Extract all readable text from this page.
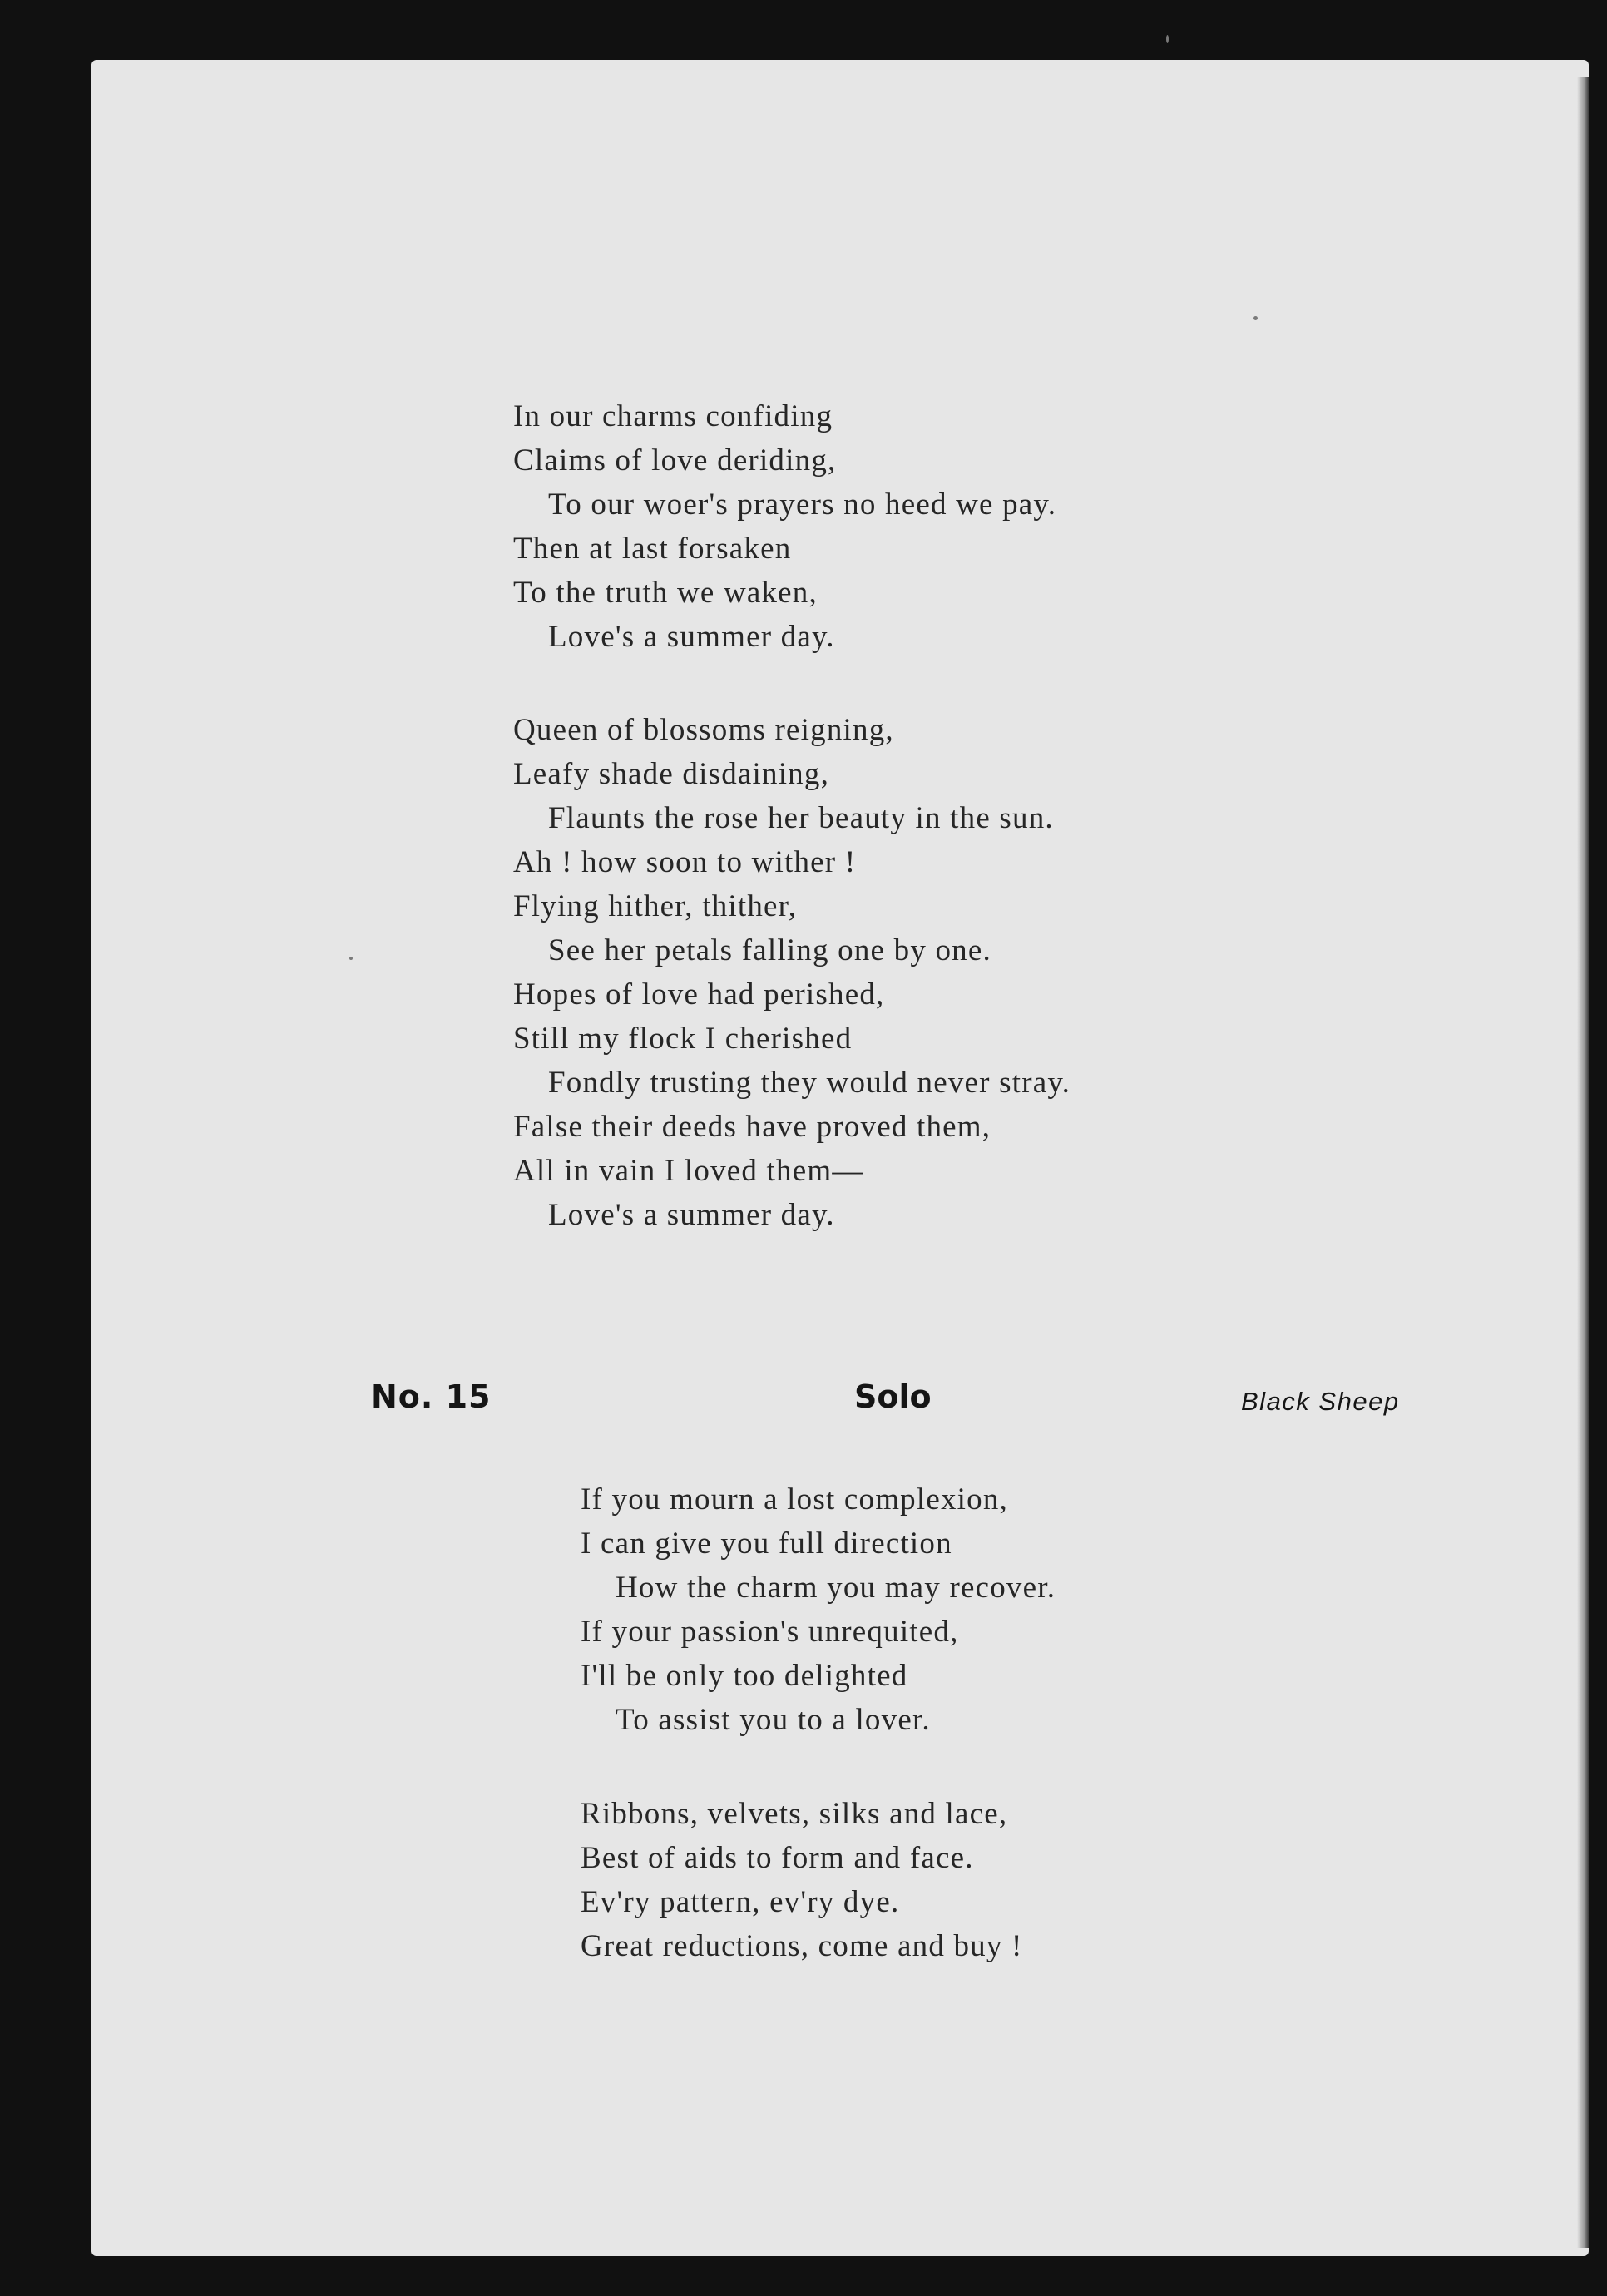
In our charms confiding
Claims of love deriding,
To our woer's prayers no heed we pay.
Then at last forsaken
To the truth we waken,
Love's a summer day.
Queen of blossoms reigning,
Leafy shade disdaining,
Flaunts the rose her beauty in the sun.
Ah ! how soon to wither !
Flying hither, thither,
See her petals falling one by one.
Hopes of love had perished,
Still my flock I cherished
Fondly trusting they would never stray.
False their deeds have proved them,
All in vain I loved them—
Love's a summer day.
No. 15	Solo	Black Sheep
If you mourn a lost complexion,
I can give you full direction
How the charm you may recover.
If your passion's unrequited,
I'll be only too delighted
To assist you to a lover.
Ribbons, velvets, silks and lace,
Best of aids to form and face.
Ev'ry pattern, ev'ry dye.
Great reductions, come and buy !
